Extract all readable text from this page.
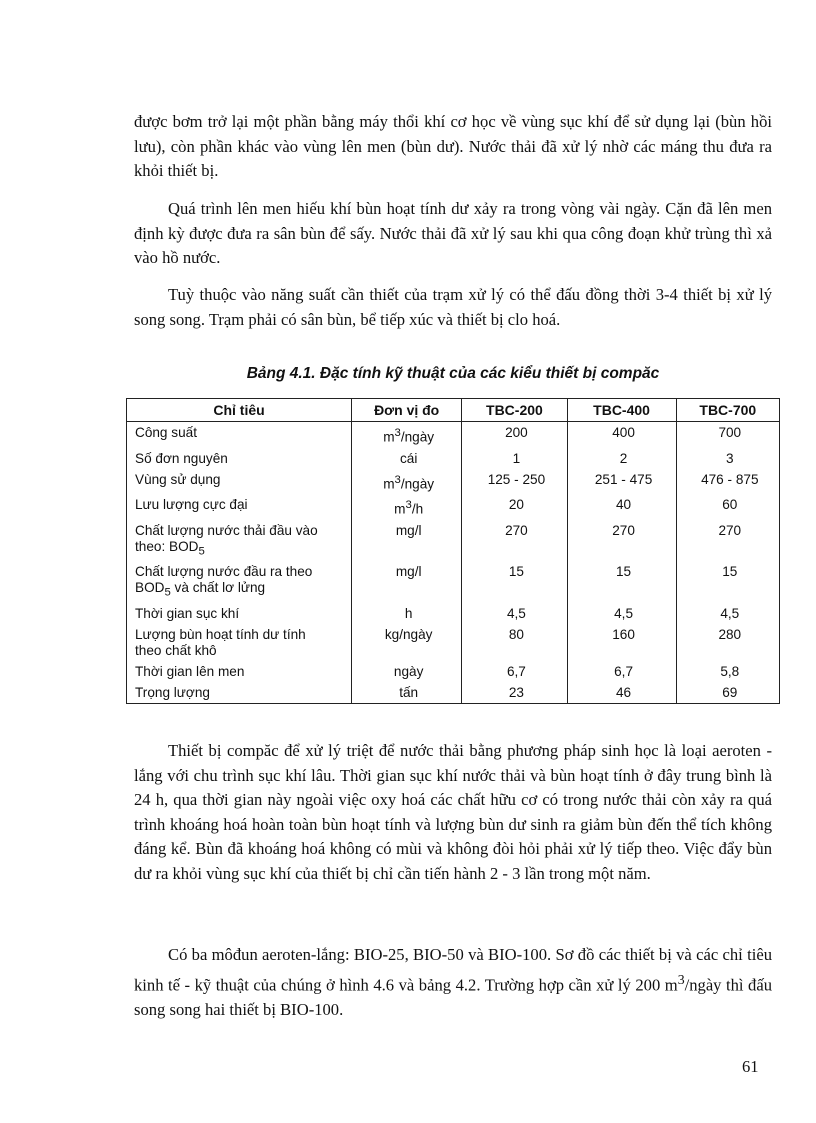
được bơm trở lại một phần bằng máy thổi khí cơ học về vùng sục khí để sử dụng lại (bùn hồi lưu), còn phần khác vào vùng lên men (bùn dư). Nước thải đã xử lý nhờ các máng thu đưa ra khỏi thiết bị.

Quá trình lên men hiếu khí bùn hoạt tính dư xảy ra trong vòng vài ngày. Cặn đã lên men định kỳ được đưa ra sân bùn để sấy. Nước thải đã xử lý sau khi qua công đoạn khử trùng thì xả vào hồ nước.

Tuỳ thuộc vào năng suất cần thiết của trạm xử lý có thể đấu đồng thời 3-4 thiết bị xử lý song song. Trạm phải có sân bùn, bể tiếp xúc và thiết bị clo hoá.

Bảng 4.1. Đặc tính kỹ thuật của các kiểu thiết bị compăc
Chỉ tiêu	Đơn vị đo	TBC-200	TBC-400	TBC-700
Công suất	$m^3$/ngày	200	400	700
Số đơn nguyên	cái	1	2	3
Vùng sử dụng	$m^3$/ngày	125 - 250	251 - 475	476 - 875
Lưu lượng cực đại	$m^3/h$	20	40	60
Chất lượng nước thải đầu vào
theo: $BOD_5$	mg/l	270	270	270
Chất lượng nước đầu ra theo
$BOD_5$ và chất lơ lửng	mg/l	15	15	15
Thời gian sục khí	h	4,5	4,5	4,5
Lượng bùn hoạt tính dư tính
theo chất khô	kg/ngày	80	160	280
Thời gian lên men	ngày	6,7	6,7	5,8
Trọng lượng	tấn	23	46	69

Thiết bị compăc để xử lý triệt để nước thải bằng phương pháp sinh học là loại aeroten - lắng với chu trình sục khí lâu. Thời gian sục khí nước thải và bùn hoạt tính ở đây trung bình là 24 h, qua thời gian này ngoài việc oxy hoá các chất hữu cơ có trong nước thải còn xảy ra quá trình khoáng hoá hoàn toàn bùn hoạt tính và lượng bùn dư sinh ra giảm bùn đến thể tích không đáng kể. Bùn đã khoáng hoá không có mùi và không đòi hỏi phải xử lý tiếp theo. Việc đẩy bùn dư ra khỏi vùng sục khí của thiết bị chỉ cần tiến hành 2 - 3 lần trong một năm.

Có ba môđun aeroten-lắng: BIO-25, BIO-50 và BIO-100. Sơ đồ các thiết bị và các chỉ tiêu kinh tế - kỹ thuật của chúng ở hình 4.6 và bảng 4.2. Trường hợp cần xử lý 200 $m^3$/ngày thì đấu song song hai thiết bị BIO-100.

61
